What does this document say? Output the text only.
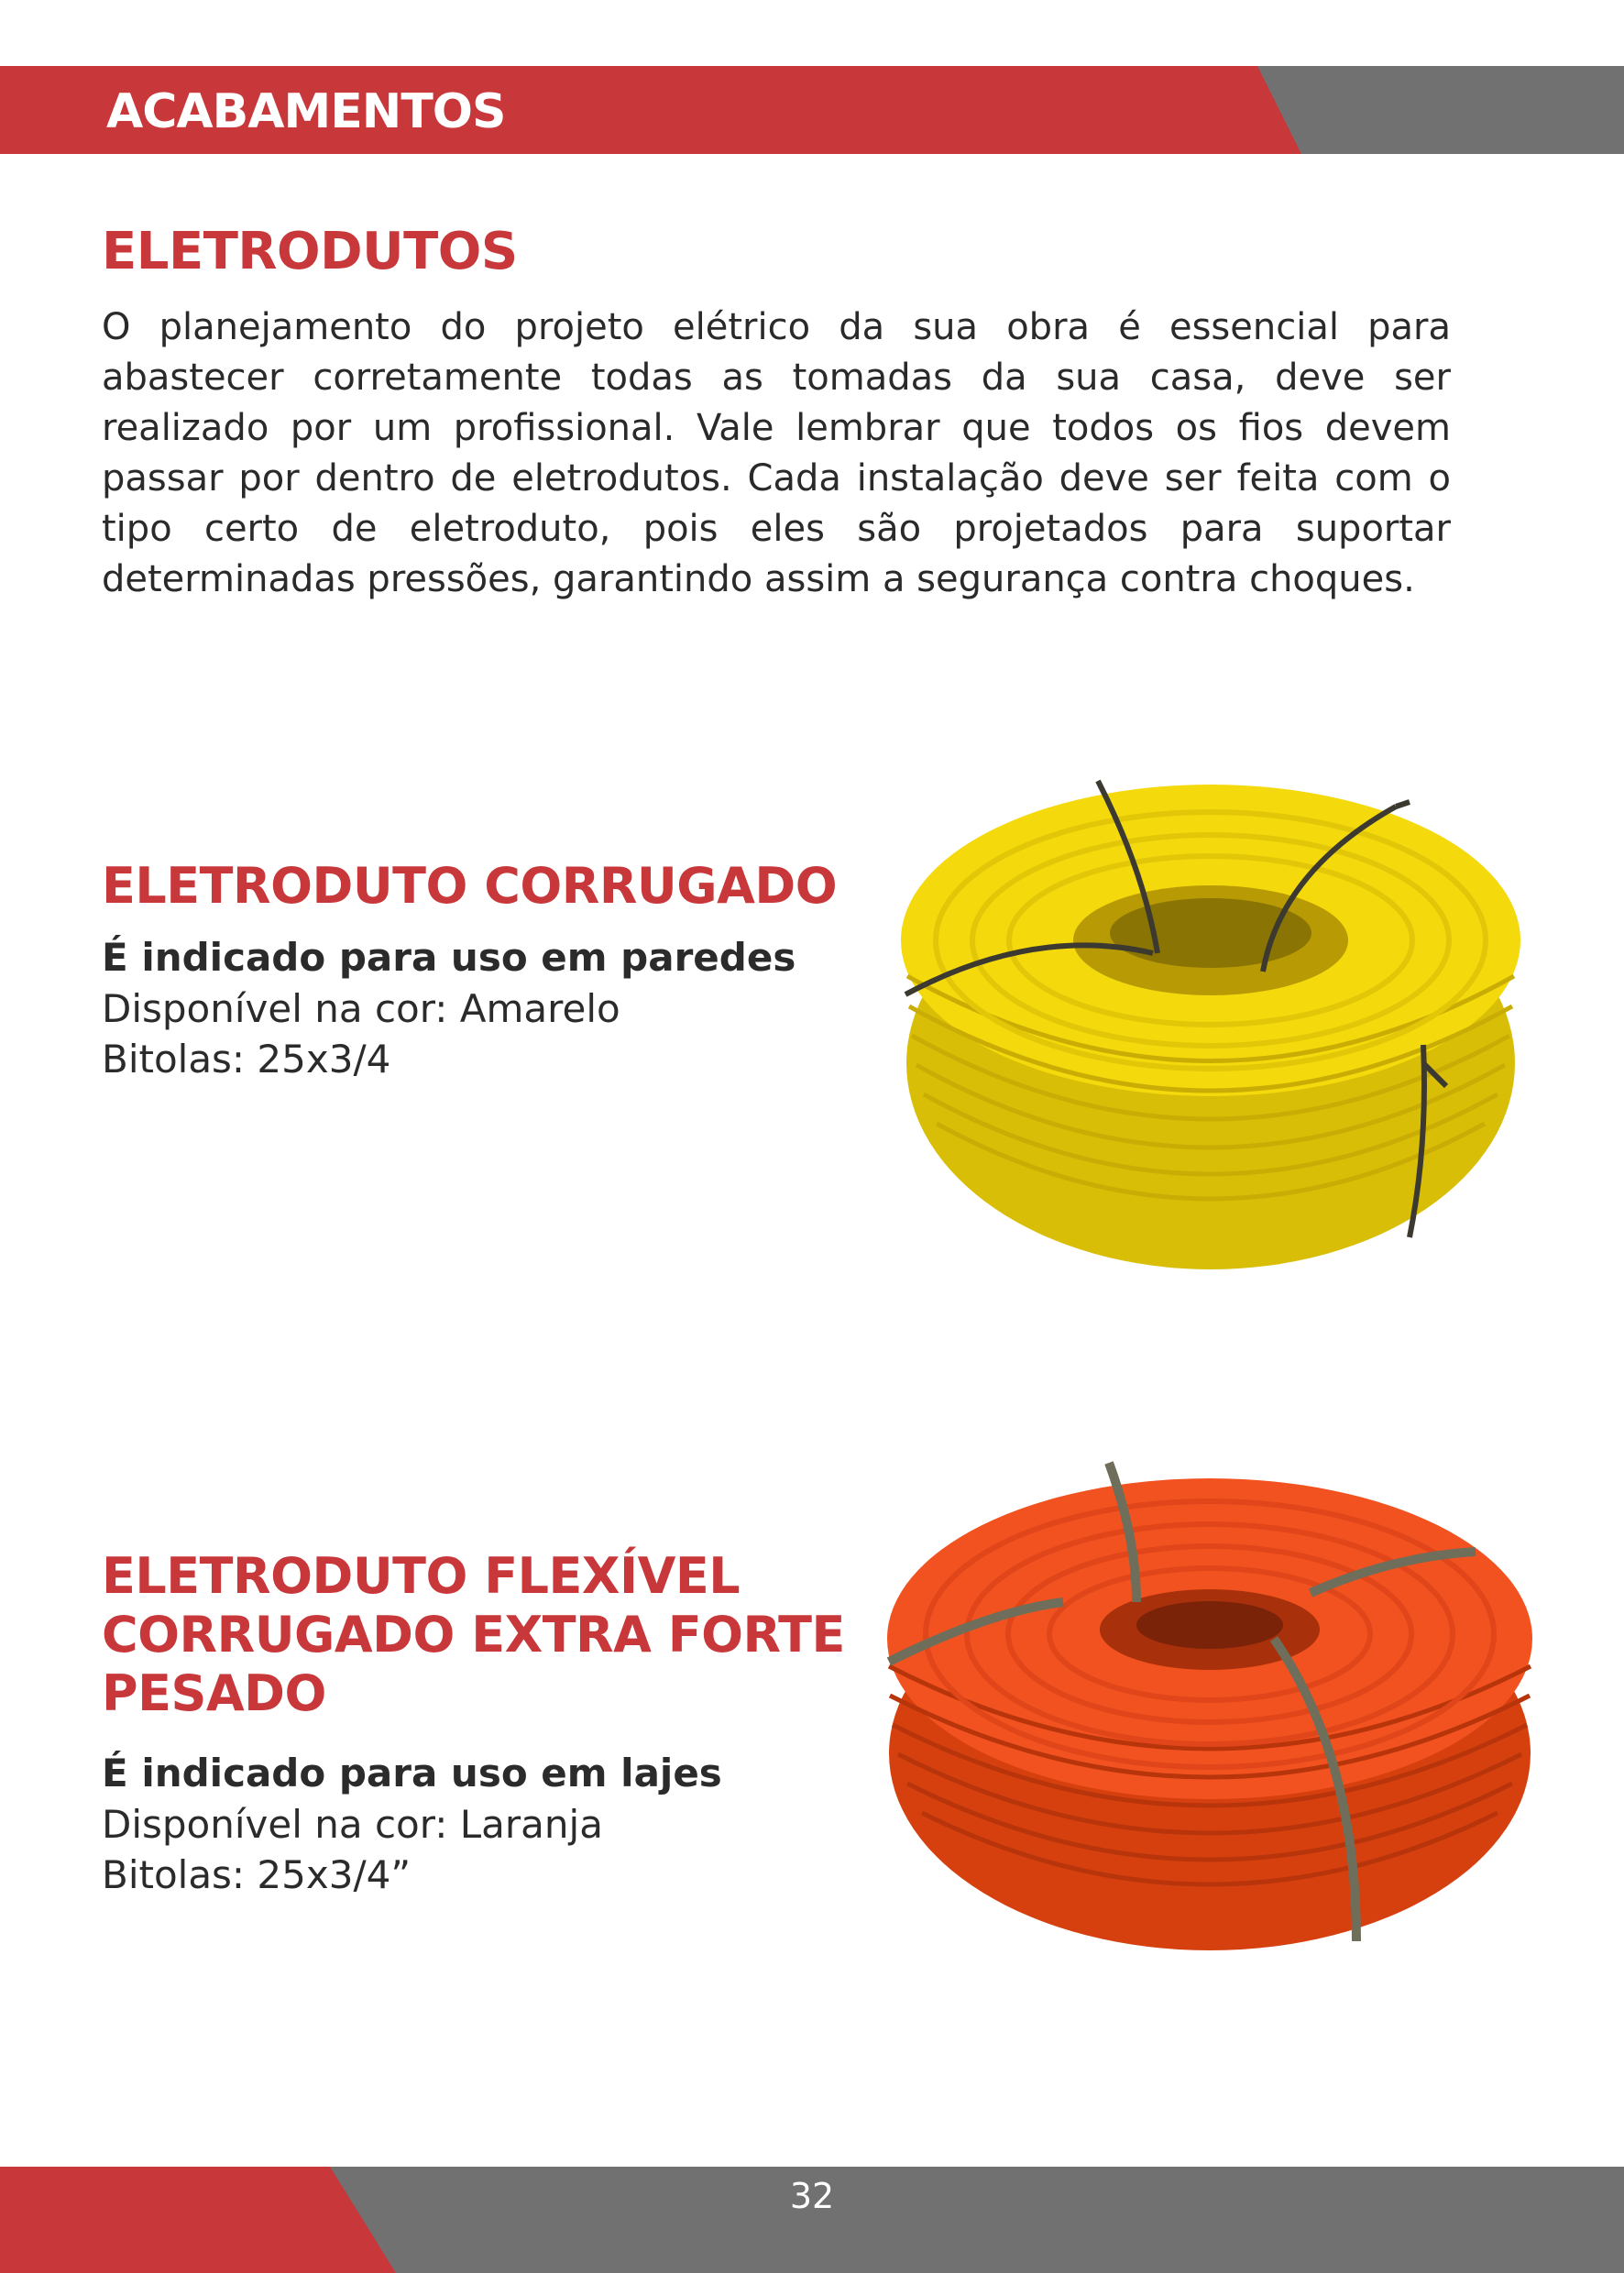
ACABAMENTOS
ELETRODUTOS

O planejamento do projeto elétrico da sua obra é essencial para abastecer corretamente todas as tomadas da sua casa, deve ser realizado por um profissional. Vale lembrar que todos os fios devem passar por dentro de eletrodutos. Cada instalação deve ser feita com o tipo certo de eletroduto, pois eles são projetados para suportar determinadas pressões, garantindo assim a segurança contra choques.

ELETRODUTO CORRUGADO

É indicado para uso em paredes

Disponível na cor: Amarelo

Bitolas: 25x3/4

ELETRODUTO FLEXÍVEL
CORRUGADO EXTRA FORTE
PESADO

É indicado para uso em lajes

Disponível na cor: Laranja

Bitolas: 25x3/4”

32
